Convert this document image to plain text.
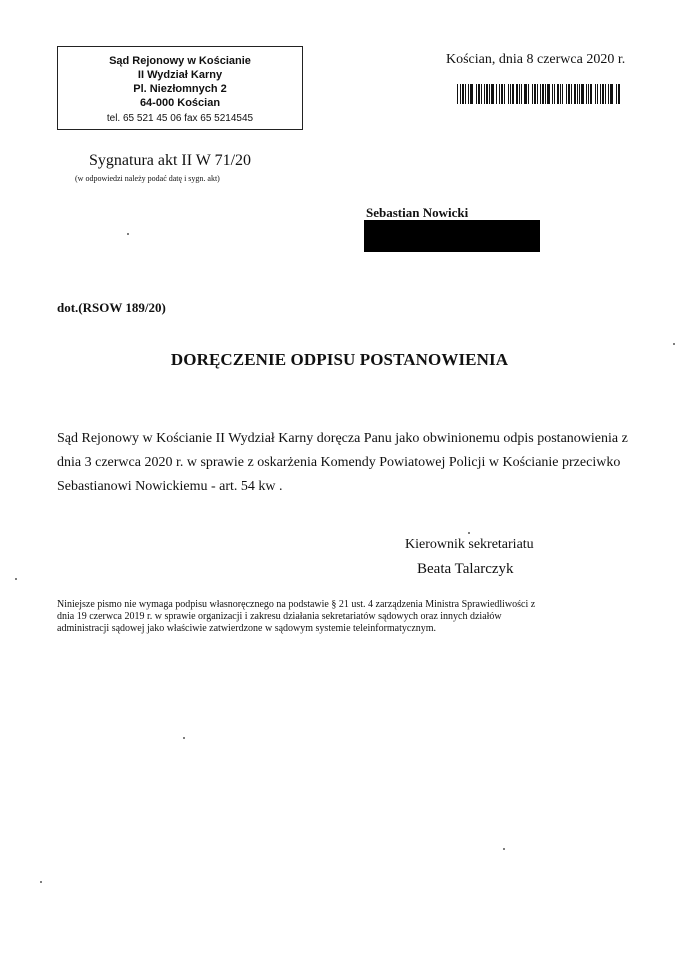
Sąd Rejonowy w Kościanie
II Wydział Karny
Pl. Niezłomnych 2
64-000 Kościan
tel. 65 521 45 06 fax 65 5214545
Kościan, dnia 8 czerwca 2020 r.
Sygnatura akt II W 71/20
(w odpowiedzi należy podać datę i sygn. akt)
Sebastian Nowicki
dot.(RSOW 189/20)
DORĘCZENIE ODPISU POSTANOWIENIA
Sąd Rejonowy w Kościanie II Wydział Karny doręcza Panu jako obwinionemu odpis postanowienia z
dnia 3 czerwca 2020 r. w sprawie z oskarżenia Komendy Powiatowej Policji w Kościanie przeciwko
Sebastianowi Nowickiemu - art. 54 kw .
Kierownik sekretariatu
Beata Talarczyk
Niniejsze pismo nie wymaga podpisu własnoręcznego na podstawie § 21 ust. 4 zarządzenia Ministra Sprawiedliwości z
dnia 19 czerwca 2019 r. w sprawie organizacji i zakresu działania sekretariatów sądowych oraz innych działów
administracji sądowej jako właściwie zatwierdzone w sądowym systemie teleinformatycznym.
